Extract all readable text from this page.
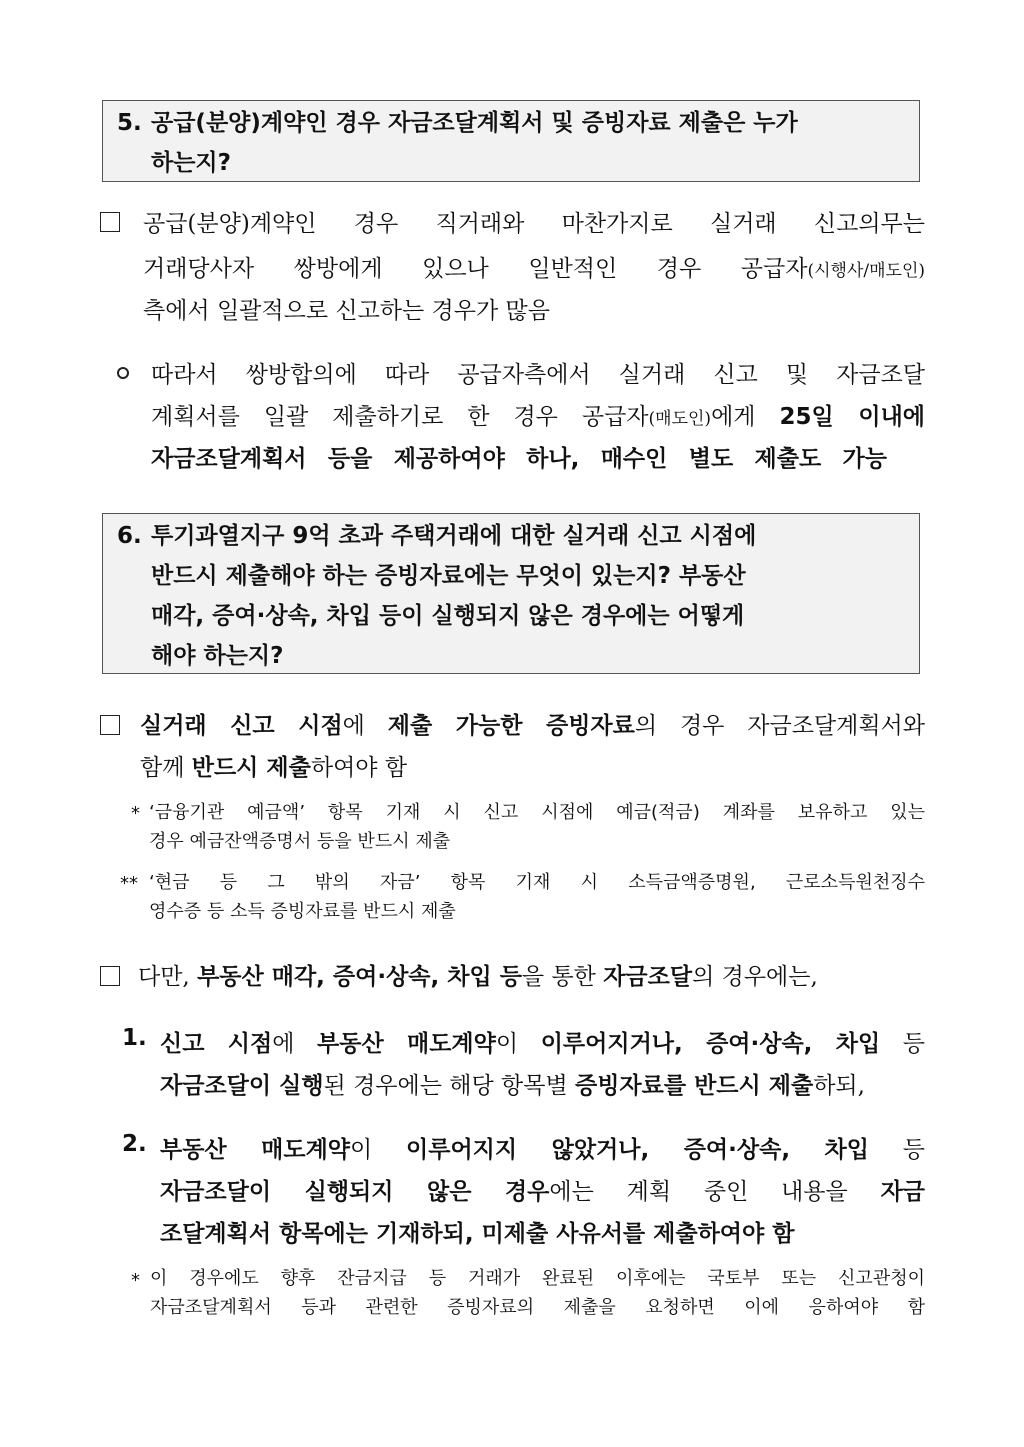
5. 공급(분양)계약인 경우 자금조달계획서 및 증빙자료 제출은 누가
하는지?
공급(분양)계약인 경우 직거래와 마찬가지로 실거래 신고의무는
거래당사자 쌍방에게 있으나 일반적인 경우 공급자(시행사/매도인)
측에서 일괄적으로 신고하는 경우가 많음
따라서 쌍방합의에 따라 공급자측에서 실거래 신고 및 자금조달
계획서를 일괄 제출하기로 한 경우 공급자(매도인)에게 25일 이내에
자금조달계획서 등을 제공하여야 하나, 매수인 별도 제출도 가능
6. 투기과열지구 9억 초과 주택거래에 대한 실거래 신고 시점에
반드시 제출해야 하는 증빙자료에는 무엇이 있는지? 부동산
매각, 증여·상속, 차입 등이 실행되지 않은 경우에는 어떻게
해야 하는지?
실거래 신고 시점에 제출 가능한 증빙자료의 경우 자금조달계획서와
함께 반드시 제출하여야 함
* ‘금융기관 예금액’ 항목 기재 시 신고 시점에 예금(적금) 계좌를 보유하고 있는
경우 예금잔액증명서 등을 반드시 제출
** ‘현금 등 그 밖의 자금’ 항목 기재 시 소득금액증명원, 근로소득원천징수
영수증 등 소득 증빙자료를 반드시 제출
다만, 부동산 매각, 증여·상속, 차입 등을 통한 자금조달의 경우에는,
1. 신고 시점에 부동산 매도계약이 이루어지거나, 증여·상속, 차입 등
자금조달이 실행된 경우에는 해당 항목별 증빙자료를 반드시 제출하되,
2. 부동산 매도계약이 이루어지지 않았거나, 증여·상속, 차입 등
자금조달이 실행되지 않은 경우에는 계획 중인 내용을 자금
조달계획서 항목에는 기재하되, 미제출 사유서를 제출하여야 함
* 이 경우에도 향후 잔금지급 등 거래가 완료된 이후에는 국토부 또는 신고관청이
자금조달계획서 등과 관련한 증빙자료의 제출을 요청하면 이에 응하여야 함
